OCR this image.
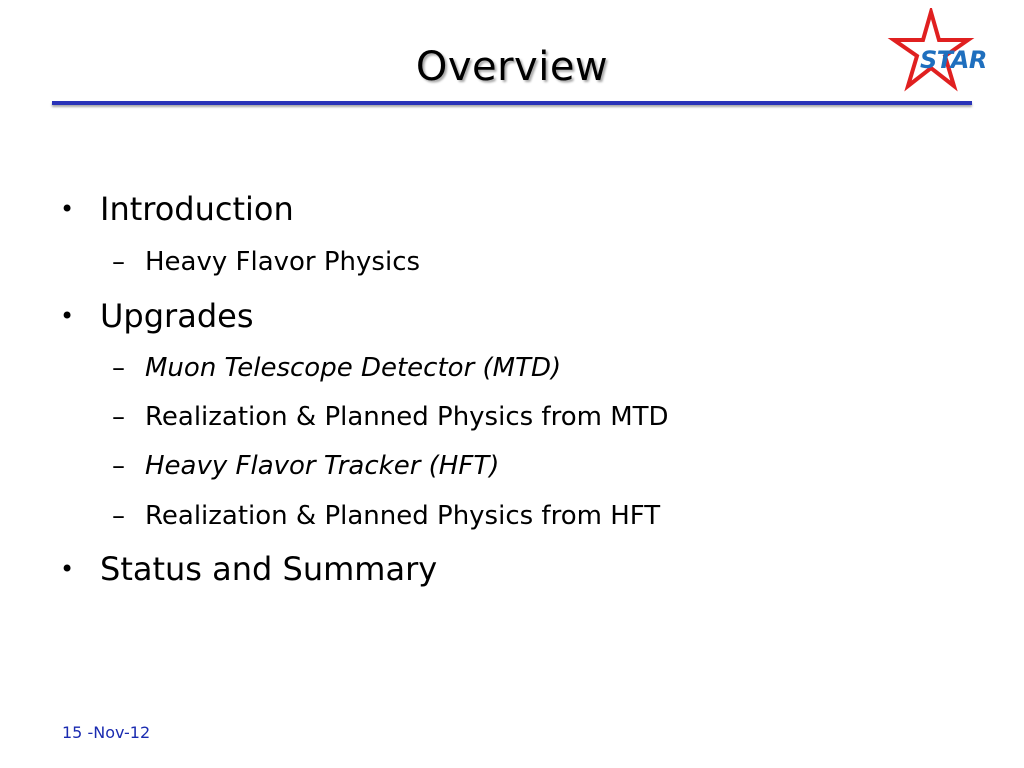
Overview	STAR
• Introduction
– Heavy Flavor Physics
• Upgrades
– Muon Telescope Detector (MTD)
– Realization & Planned Physics from MTD
– Heavy Flavor Tracker (HFT)
– Realization & Planned Physics from HFT
• Status and Summary
15 -Nov-12
